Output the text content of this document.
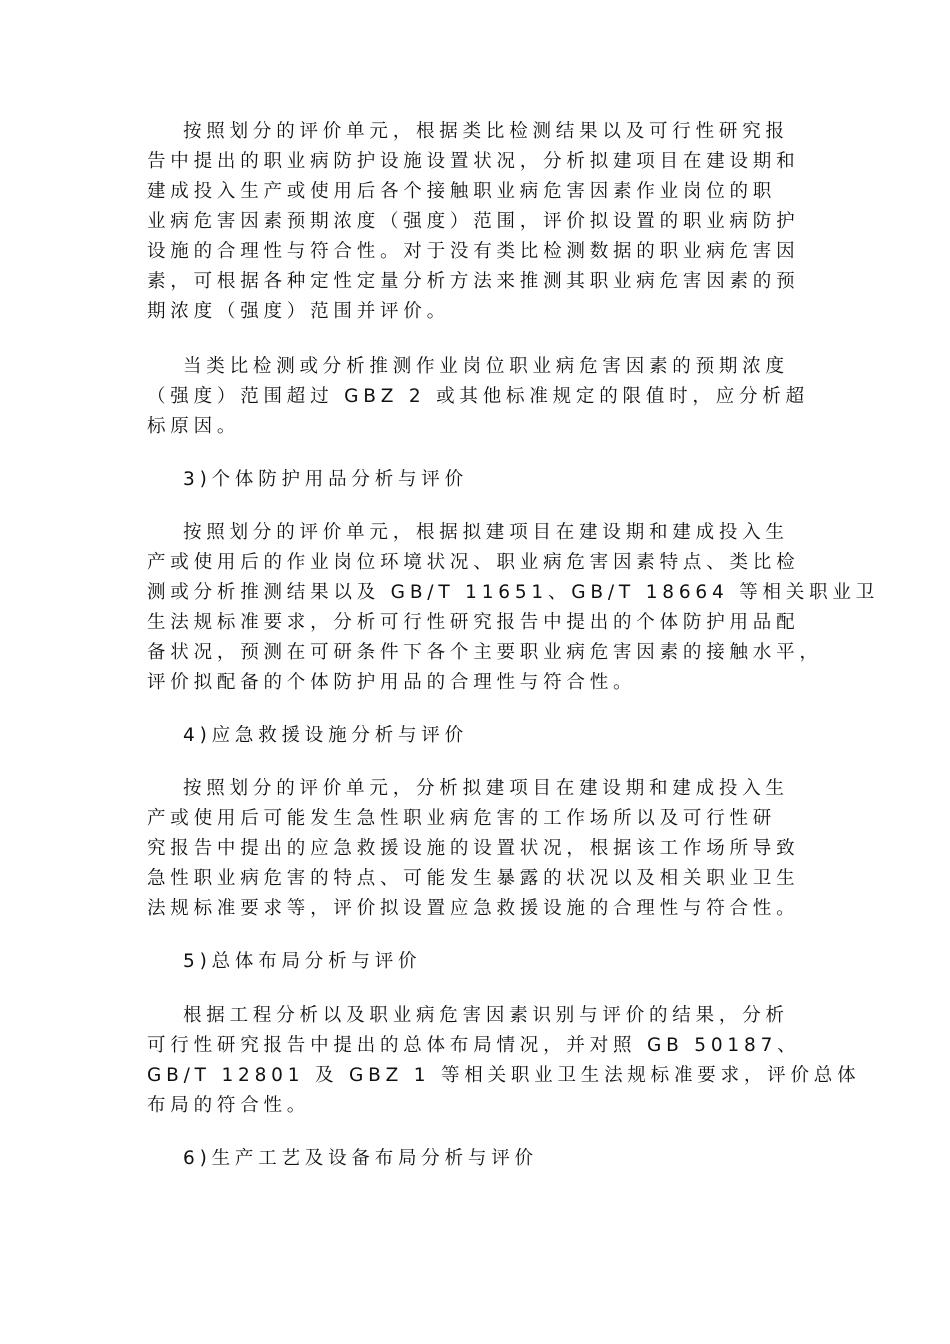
按照划分的评价单元，根据类比检测结果以及可行性研究报
告中提出的职业病防护设施设置状况，分析拟建项目在建设期和
建成投入生产或使用后各个接触职业病危害因素作业岗位的职
业病危害因素预期浓度（强度）范围，评价拟设置的职业病防护
设施的合理性与符合性。对于没有类比检测数据的职业病危害因
素，可根据各种定性定量分析方法来推测其职业病危害因素的预
期浓度（强度）范围并评价。
当类比检测或分析推测作业岗位职业病危害因素的预期浓度
（强度）范围超过 GBZ 2 或其他标准规定的限值时，应分析超
标原因。
3)个体防护用品分析与评价
按照划分的评价单元，根据拟建项目在建设期和建成投入生
产或使用后的作业岗位环境状况、职业病危害因素特点、类比检
测或分析推测结果以及 GB/T 11651、GB/T 18664 等相关职业卫
生法规标准要求，分析可行性研究报告中提出的个体防护用品配
备状况，预测在可研条件下各个主要职业病危害因素的接触水平，
评价拟配备的个体防护用品的合理性与符合性。
4)应急救援设施分析与评价
按照划分的评价单元，分析拟建项目在建设期和建成投入生
产或使用后可能发生急性职业病危害的工作场所以及可行性研
究报告中提出的应急救援设施的设置状况，根据该工作场所导致
急性职业病危害的特点、可能发生暴露的状况以及相关职业卫生
法规标准要求等，评价拟设置应急救援设施的合理性与符合性。
5)总体布局分析与评价
根据工程分析以及职业病危害因素识别与评价的结果，分析
可行性研究报告中提出的总体布局情况，并对照 GB 50187、
GB/T 12801 及 GBZ 1 等相关职业卫生法规标准要求，评价总体
布局的符合性。
6)生产工艺及设备布局分析与评价
